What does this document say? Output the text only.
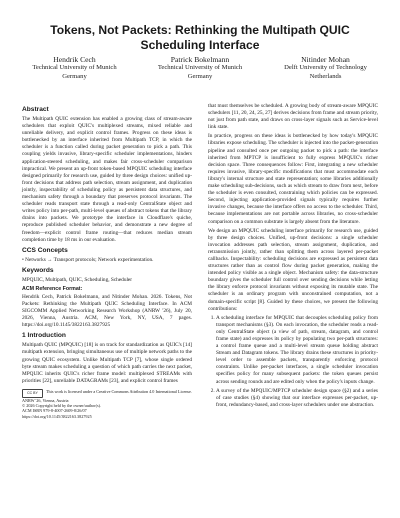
Tokens, Not Packets: Rethinking the Multipath QUIC Scheduling Interface
Hendrik Cech
Technical University of Munich
Germany
Patrick Bokelmann
Technical University of Munich
Germany
Nitinder Mohan
Delft University of Technology
Netherlands
Abstract

The Multipath QUIC extension has enabled a growing class of stream-aware schedulers that exploit QUIC's multiplexed streams, mixed reliable and unreliable delivery, and explicit control frames. Progress on these ideas is bottlenecked by an interface inherited from Multipath TCP, in which the scheduler is a function called during packet generation to pick a path. This coupling yields invasive, library-specific scheduler implementations, hinders application-steered scheduling, and makes fair cross-scheduler comparison impractical. We present an up-front token-based MPQUIC scheduling interface designed primarily for research use, guided by three design choices: unified up-front decisions that address path selection, stream assignment, and duplication jointly, inspectability of scheduling policy as persistent data structures, and mechanism safety through a boundary that preserves protocol invariants. The scheduler reads transport state through a read-only CentralState object and writes policy into per-path, multi-level queues of abstract tokens that the library drains into packets. We prototype the interface in Cloudflare's quiche, reproduce published scheduler behavior, and demonstrate a new degree of freedom—explicit control frame routing—that reduces median stream completion time by 18 ms in our evaluation.

CCS Concepts

• Networks → Transport protocols; Network experimentation.

Keywords

MPQUIC, Multipath, QUIC, Scheduling, Scheduler

ACM Reference Format:

Hendrik Cech, Patrick Bokelmann, and Nitinder Mohan. 2026. Tokens, Not Packets: Rethinking the Multipath QUIC Scheduling Interface. In ACM SIGCOMM Applied Networking Research Workshop (ANRW '26), July 20, 2026, Vienna, Austria. ACM, New York, NY, USA, 7 pages. https://doi.org/10.1145/3822163.3827925

1 Introduction

Multipath QUIC (MPQUIC) [18] is on track for standardization as QUIC's [14] multipath extension, bringing simultaneous use of multiple network paths to the growing QUIC ecosystem. Unlike Multipath TCP [7], whose single ordered byte stream makes scheduling a question of which path carries the next packet, MPQUIC inherits QUIC's richer frame model: multiplexed STREAMs with priorities [22], unreliable DATAGRAMs [23], and explicit control frames

CC BY	This work is licensed under a Creative Commons Attribution 4.0 International License.
ANRW '26, Vienna, Austria
© 2026 Copyright held by the owner/author(s).
ACM ISBN 979-8-4007-2609-8/26/07
https://doi.org/10.1145/3822163.3827925

that must themselves be scheduled. A growing body of stream-aware MPQUIC schedulers [11, 20, 24, 25, 27] derives decisions from frame and stream priority, not just from path state, and draws on cross-layer signals such as Service-level link state.

In practice, progress on these ideas is bottlenecked by how today's MPQUIC libraries expose scheduling. The scheduler is injected into the packet-generation pipeline and consulted once per outgoing packet to pick a path: the interface inherited from MPTCP is insufficient to fully express MPQUIC's richer decision space. Three consequences follow: First, integrating a new scheduler requires invasive, library-specific modifications that must accommodate each library's internal structure and state representation; some libraries additionally make scheduling sub-decisions, such as which stream to draw from next, before the scheduler is even consulted, constraining which policies can be expressed. Second, injecting application-provided signals typically requires further invasive changes, because the interface offers no access to the scheduler. Third, because implementations are not portable across libraries, no cross-scheduler comparison on a common substrate is largely absent from the literature.

We design an MPQUIC scheduling interface primarily for research use, guided by three design choices. Unified, up-front decisions: a single scheduler invocation addresses path selection, stream assignment, duplication, and retransmission jointly, rather than splitting them across layered per-packet callbacks. Inspectability: scheduling decisions are expressed as persistent data structures rather than as control flow during packet generation, making the intended policy visible as a single object. Mechanism safety: the data-structure boundary gives the scheduler full control over sending decisions while letting the library enforce protocol invariants without exposing its mutable state. The scheduler is an ordinary program with unconstrained computation, not a domain-specific script [8]. Guided by these choices, we present the following contributions:

1. A scheduling interface for MPQUIC that decouples scheduling policy from transport mechanisms (§3). On each invocation, the scheduler reads a read-only CentralState object (a view of path, stream, datagram, and control frame state) and expresses its policy by populating two per-path structures: a control frame queue and a multi-level stream queue holding abstract Stream and Datagram tokens. The library drains these structures in priority-level order to assemble packets, transparently enforcing protocol constraints. Unlike per-packet interfaces, a single scheduler invocation specifies policy for many subsequent packets: the token queues persist across sending rounds and are edited only when the policy's inputs change.
2. A survey of the MPQUIC/MPTCP scheduler design space (§2) and a series of case studies (§4) showing that our interface expresses per-packet, up-front, redundancy-based, and cross-layer schedulers under one abstraction.
